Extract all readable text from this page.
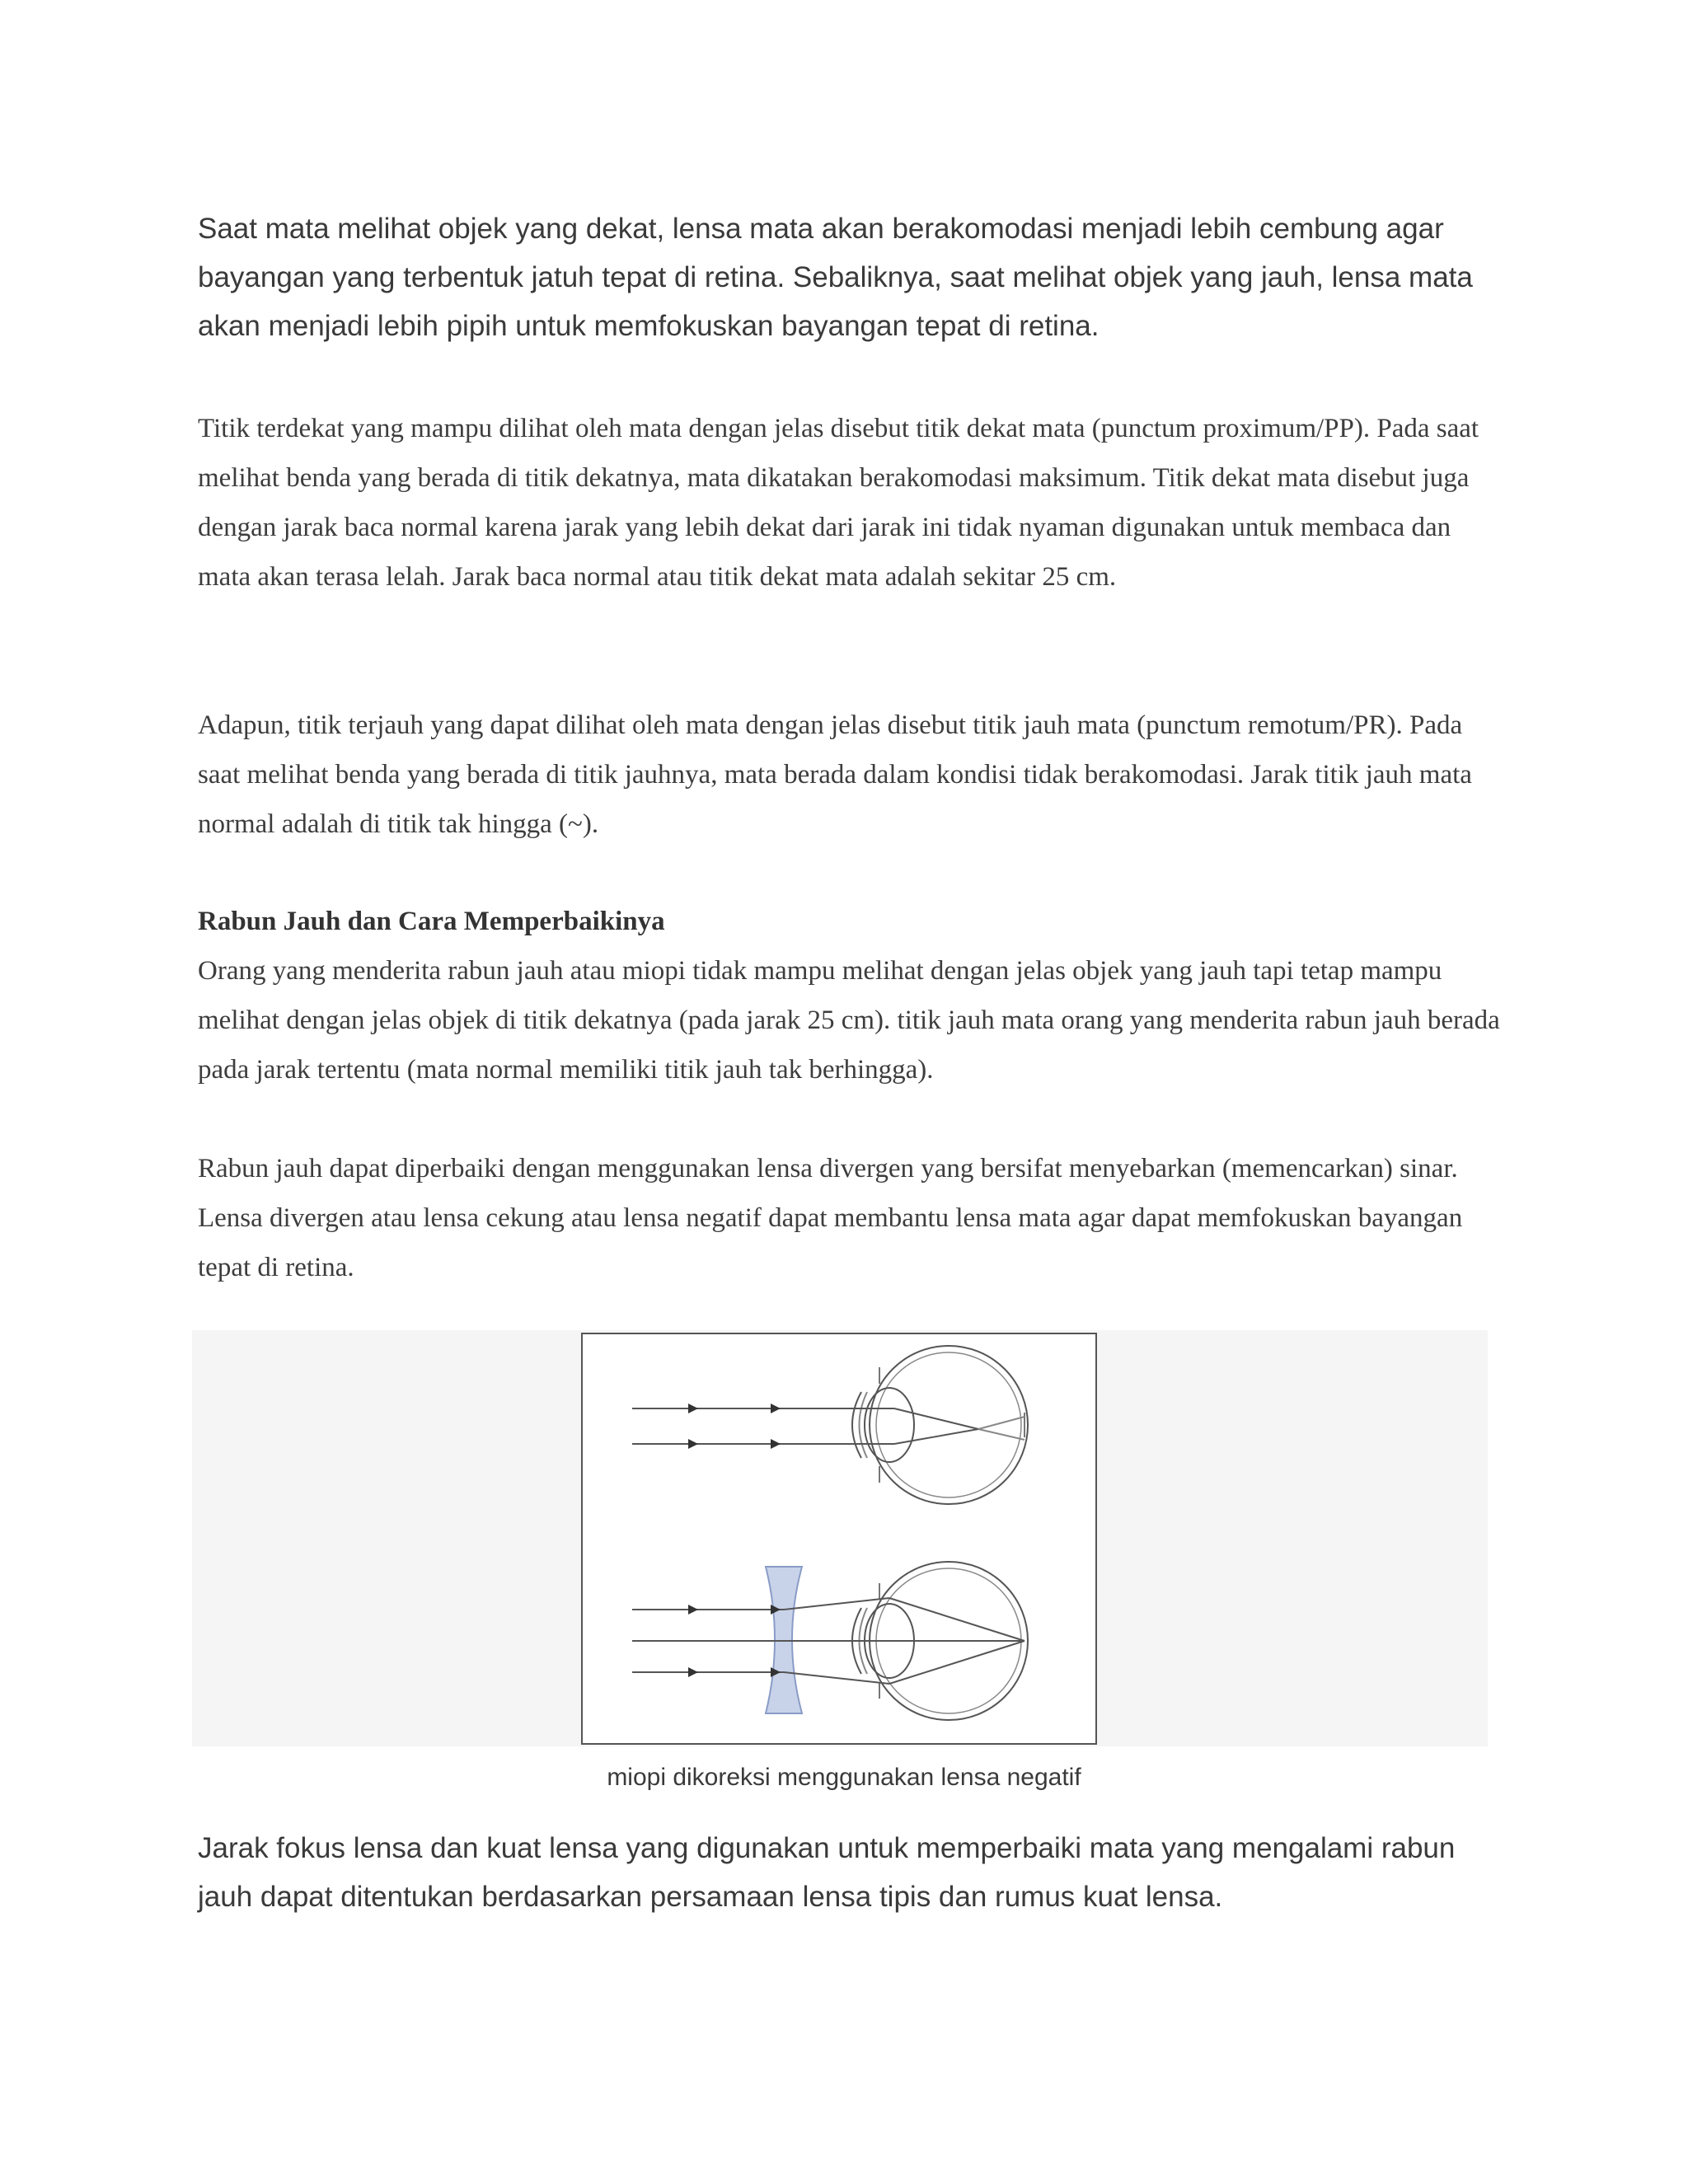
Saat mata melihat objek yang dekat, lensa mata akan berakomodasi menjadi lebih cembung agar bayangan yang terbentuk jatuh tepat di retina. Sebaliknya, saat melihat objek yang jauh, lensa mata akan menjadi lebih pipih untuk memfokuskan bayangan tepat di retina.

Titik terdekat yang mampu dilihat oleh mata dengan jelas disebut titik dekat mata (punctum proximum/PP). Pada saat melihat benda yang berada di titik dekatnya, mata dikatakan berakomodasi maksimum. Titik dekat mata disebut juga dengan jarak baca normal karena jarak yang lebih dekat dari jarak ini tidak nyaman digunakan untuk membaca dan mata akan terasa lelah. Jarak baca normal atau titik dekat mata adalah sekitar 25 cm.

Adapun, titik terjauh yang dapat dilihat oleh mata dengan jelas disebut titik jauh mata (punctum remotum/PR). Pada saat melihat benda yang berada di titik jauhnya, mata berada dalam kondisi tidak berakomodasi. Jarak titik jauh mata normal adalah di titik tak hingga (~).

Rabun Jauh dan Cara Memperbaikinya

Orang yang menderita rabun jauh atau miopi tidak mampu melihat dengan jelas objek yang jauh tapi tetap mampu melihat dengan jelas objek di titik dekatnya (pada jarak 25 cm). titik jauh mata orang yang menderita rabun jauh berada pada jarak tertentu (mata normal memiliki titik jauh tak berhingga).

Rabun jauh dapat diperbaiki dengan menggunakan lensa divergen yang bersifat menyebarkan (memencarkan) sinar. Lensa divergen atau lensa cekung atau lensa negatif dapat membantu lensa mata agar dapat memfokuskan bayangan tepat di retina.

miopi dikoreksi menggunakan lensa negatif

Jarak fokus lensa dan kuat lensa yang digunakan untuk memperbaiki mata yang mengalami rabun jauh dapat ditentukan berdasarkan persamaan lensa tipis dan rumus kuat lensa.
